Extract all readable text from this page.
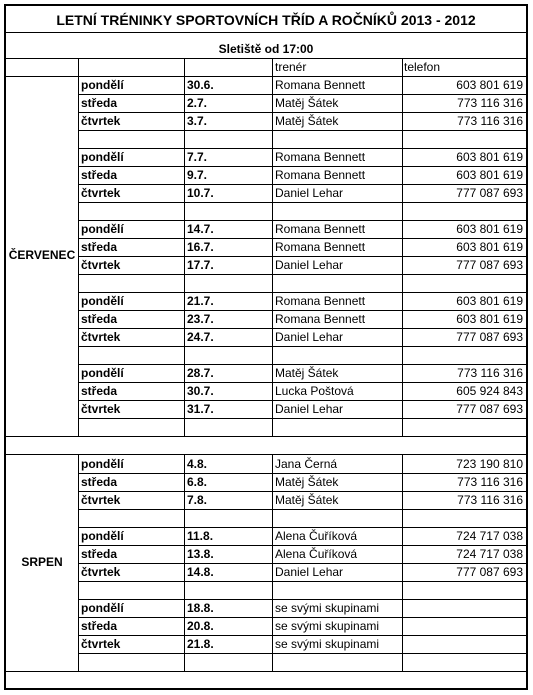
LETNÍ TRÉNINKY SPORTOVNÍCH TŘÍD A ROČNÍKŮ 2013 - 2012
Sletiště od 17:00
trenér	telefon
pondělí	30.6.	Romana Bennett	603 801 619
středa	2.7.	Matěj Šátek	773 116 316
čtvrtek	3.7.	Matěj Šátek	773 116 316
pondělí	7.7.	Romana Bennett	603 801 619
středa	9.7.	Romana Bennett	603 801 619
čtvrtek	10.7.	Daniel Lehar	777 087 693
pondělí	14.7.	Romana Bennett	603 801 619
středa	16.7.	Romana Bennett	603 801 619
čtvrtek	17.7.	Daniel Lehar	777 087 693
pondělí	21.7.	Romana Bennett	603 801 619
středa	23.7.	Romana Bennett	603 801 619
čtvrtek	24.7.	Daniel Lehar	777 087 693
pondělí	28.7.	Matěj Šátek	773 116 316
středa	30.7.	Lucka Poštová	605 924 843
čtvrtek	31.7.	Daniel Lehar	777 087 693
ČERVENEC
pondělí	4.8.	Jana Černá	723 190 810
středa	6.8.	Matěj Šátek	773 116 316
čtvrtek	7.8.	Matěj Šátek	773 116 316
pondělí	11.8.	Alena Čuříková	724 717 038
středa	13.8.	Alena Čuříková	724 717 038
čtvrtek	14.8.	Daniel Lehar	777 087 693
pondělí	18.8.	se svými skupinami
středa	20.8.	se svými skupinami
čtvrtek	21.8.	se svými skupinami
SRPEN
